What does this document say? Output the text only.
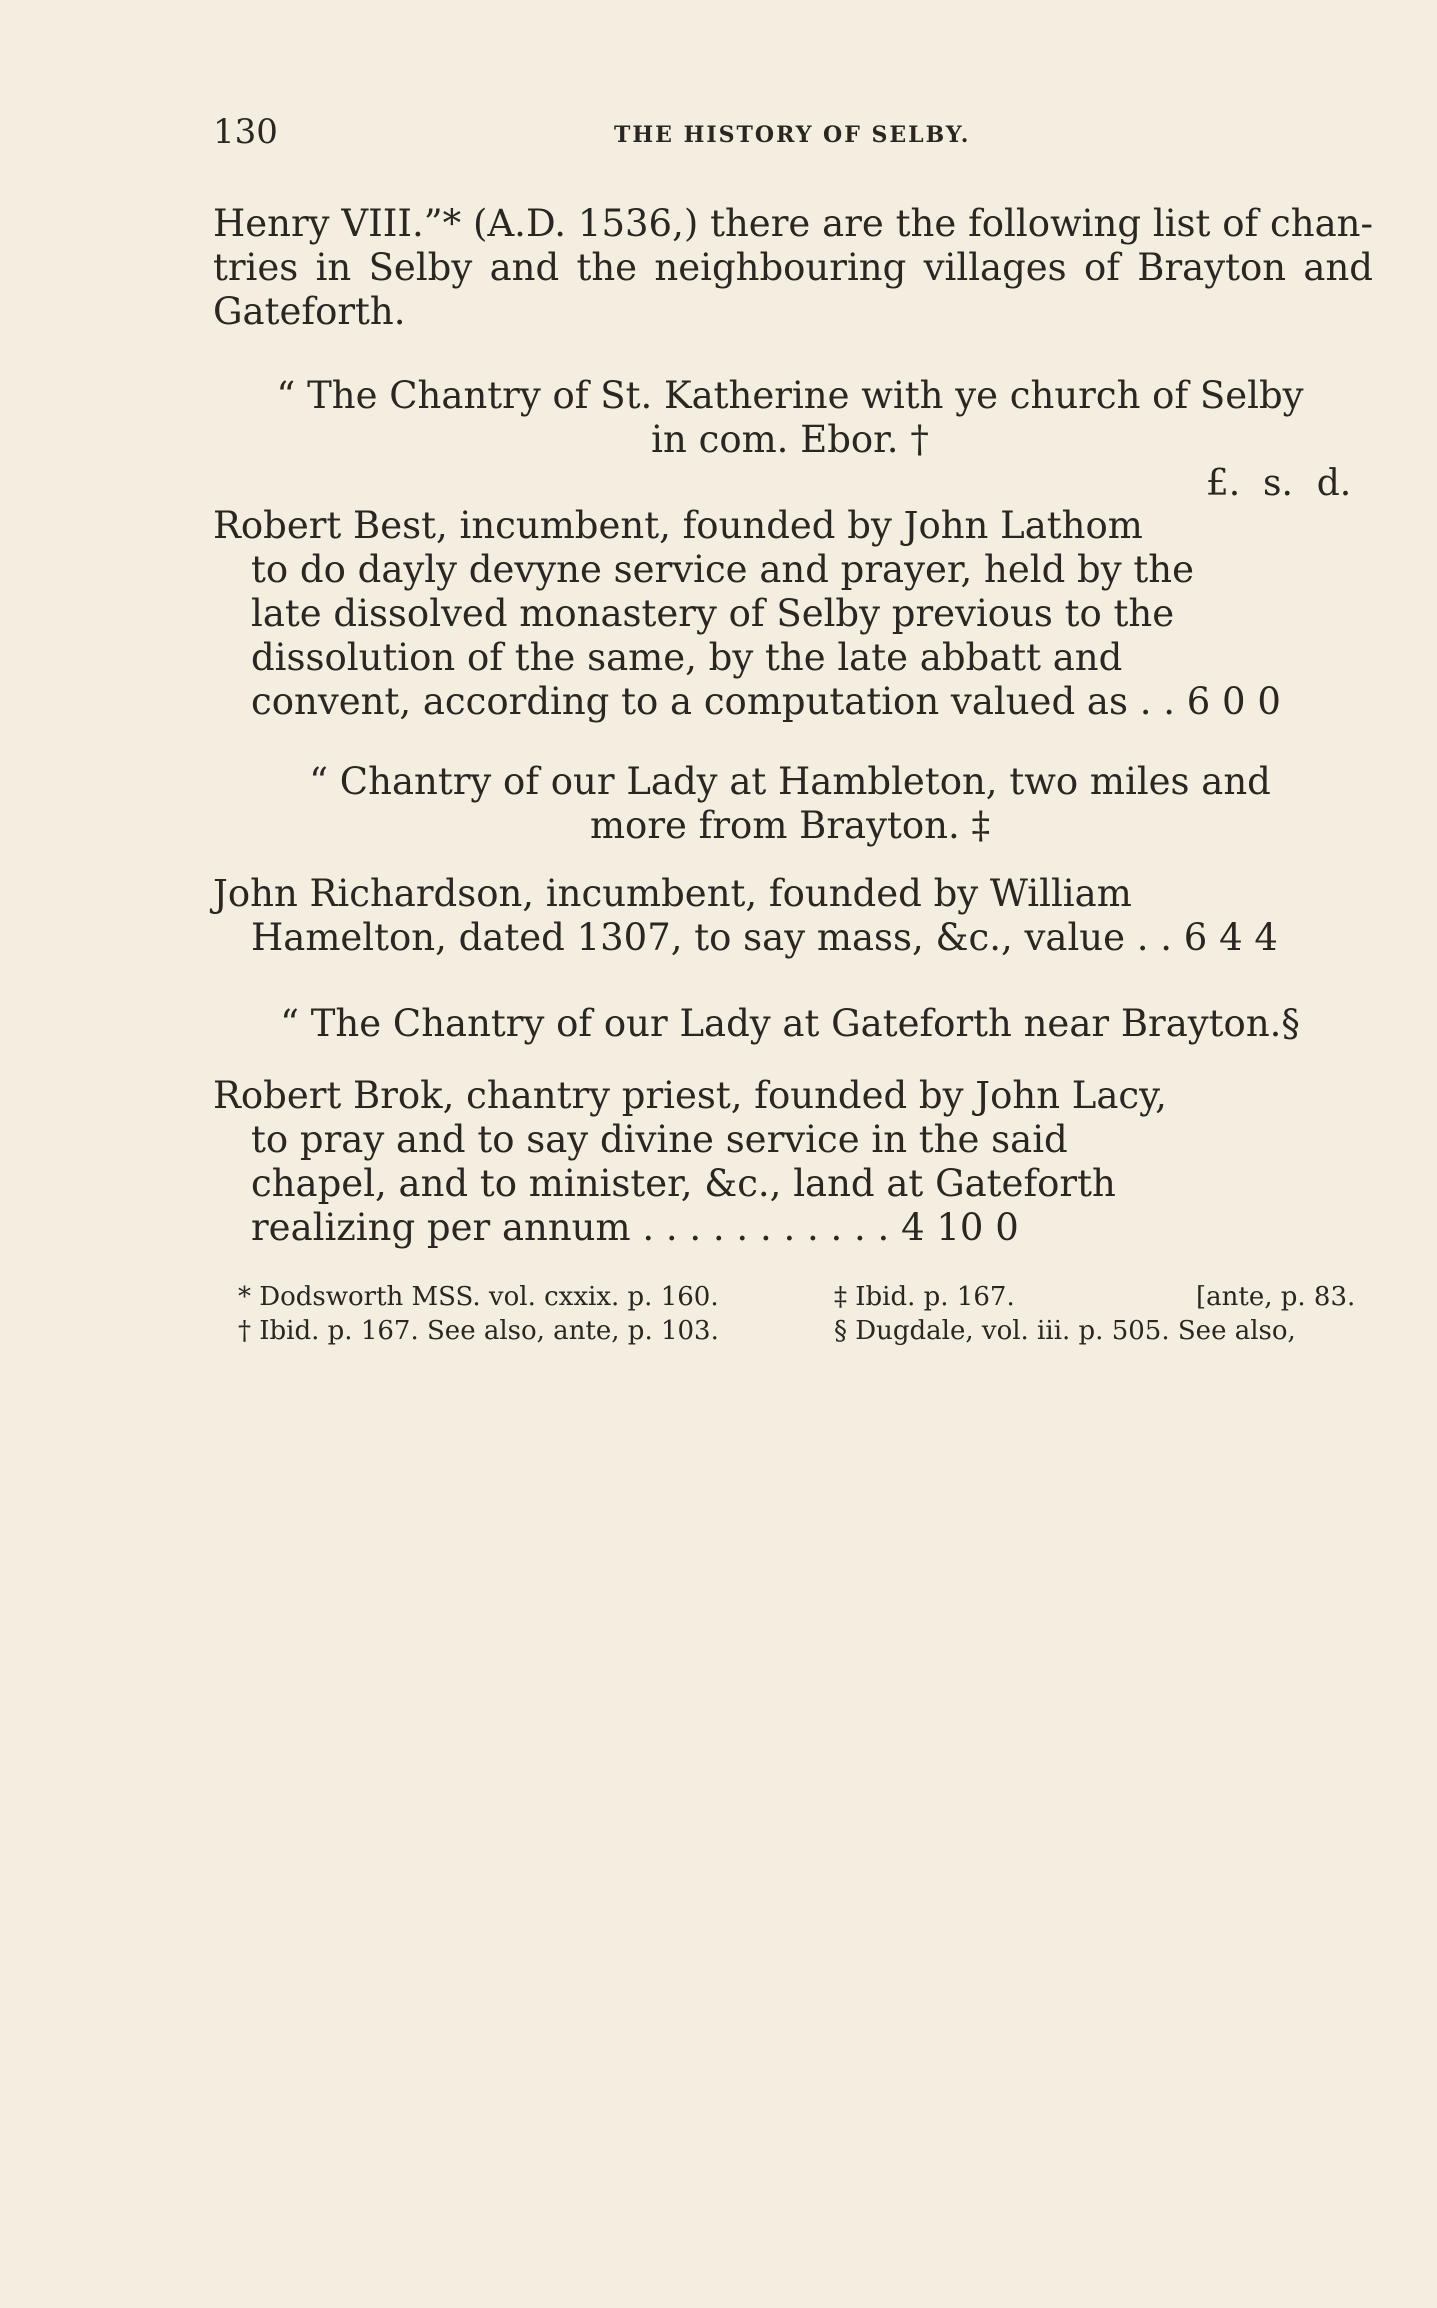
130	THE HISTORY OF SELBY.
Henry VIII.”* (A.D. 1536,) there are the following list of chan-
tries in Selby and the neighbouring villages of Brayton and
Gateforth.
“ The Chantry of St. Katherine with ye church of Selby
in com. Ebor. †
£. s. d.
Robert Best, incumbent, founded by John Lathom
to do dayly devyne service and prayer, held by the
late dissolved monastery of Selby previous to the
dissolution of the same, by the late abbatt and
convent, according to a computation valued as . . 6 0 0
“ Chantry of our Lady at Hambleton, two miles and
more from Brayton. ‡
John Richardson, incumbent, founded by William
Hamelton, dated 1307, to say mass, &c., value . . 6 4 4
“ The Chantry of our Lady at Gateforth near Brayton.§
Robert Brok, chantry priest, founded by John Lacy,
to pray and to say divine service in the said
chapel, and to minister, &c., land at Gateforth
realizing per annum . . . . . . . . . . . 4 10 0
* Dodsworth MSS. vol. cxxix. p. 160.
† Ibid. p. 167. See also, ante, p. 103.
‡ Ibid. p. 167.	[ante, p. 83.
§ Dugdale, vol. iii. p. 505. See also,
